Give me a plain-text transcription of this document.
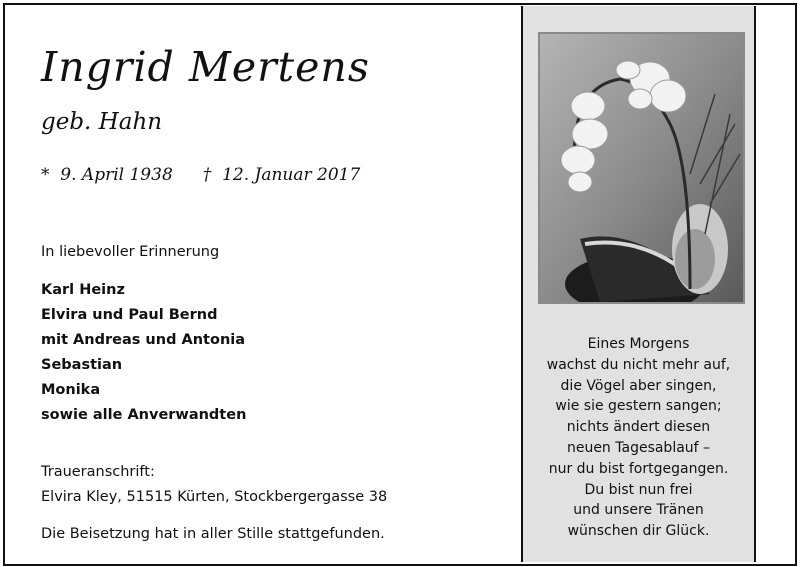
Ingrid Mertens
geb. Hahn
*  9. April 1938 †  12. Januar 2017
In liebevoller Erinnerung
Karl Heinz
Elvira und Paul Bernd
mit Andreas und Antonia
Sebastian
Monika
sowie alle Anverwandten
Traueranschrift:
Elvira Kley, 51515 Kürten, Stockbergergasse 38
Die Beisetzung hat in aller Stille stattgefunden.
Eines Morgens
wachst du nicht mehr auf,
die Vögel aber singen,
wie sie gestern sangen;
nichts ändert diesen
neuen Tagesablauf –
nur du bist fortgegangen.
Du bist nun frei
und unsere Tränen
wünschen dir Glück.
